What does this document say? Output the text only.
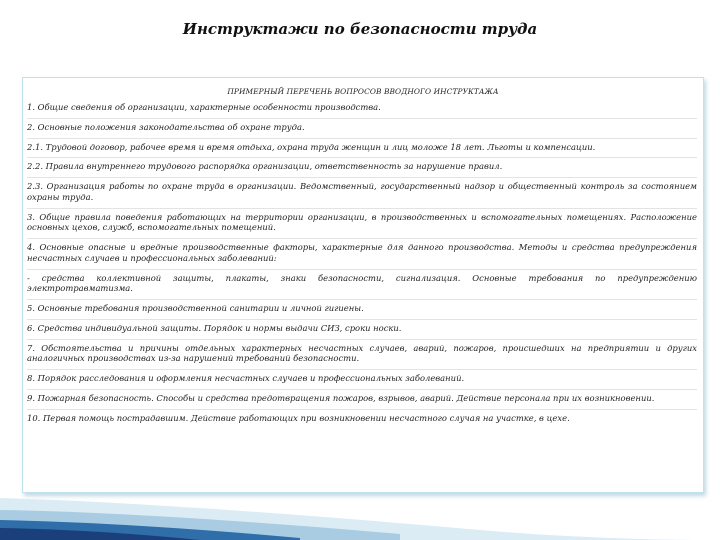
Инструктажи по безопасности труда
ПРИМЕРНЫЙ ПЕРЕЧЕНЬ ВОПРОСОВ ВВОДНОГО ИНСТРУКТАЖА

1. Общие сведения об организации, характерные особенности производства.

2. Основные положения законодательства об охране труда.

2.1. Трудовой договор, рабочее время и время отдыха, охрана труда женщин и лиц моложе 18 лет. Льготы и компенсации.

2.2. Правила внутреннего трудового распорядка организации, ответственность за нарушение правил.

2.3. Организация работы по охране труда в организации. Ведомственный, государственный надзор и общественный контроль за состоянием охраны труда.

3. Общие правила поведения работающих на территории организации, в производственных и вспомогательных помещениях. Расположение основных цехов, служб, вспомогательных помещений.

4. Основные опасные и вредные производственные факторы, характерные для данного производства. Методы и средства предупреждения несчастных случаев и профессиональных заболеваний:

- средства коллективной защиты, плакаты, знаки безопасности, сигнализация. Основные требования по предупреждению электротравматизма.

5. Основные требования производственной санитарии и личной гигиены.

6. Средства индивидуальной защиты. Порядок и нормы выдачи СИЗ, сроки носки.

7. Обстоятельства и причины отдельных характерных несчастных случаев, аварий, пожаров, происшедших на предприятии и других аналогичных производствах из-за нарушений требований безопасности.

8. Порядок расследования и оформления несчастных случаев и профессиональных заболеваний.

9. Пожарная безопасность. Способы и средства предотвращения пожаров, взрывов, аварий. Действие персонала при их возникновении.

10. Первая помощь пострадавшим. Действие работающих при возникновении несчастного случая на участке, в цехе.
